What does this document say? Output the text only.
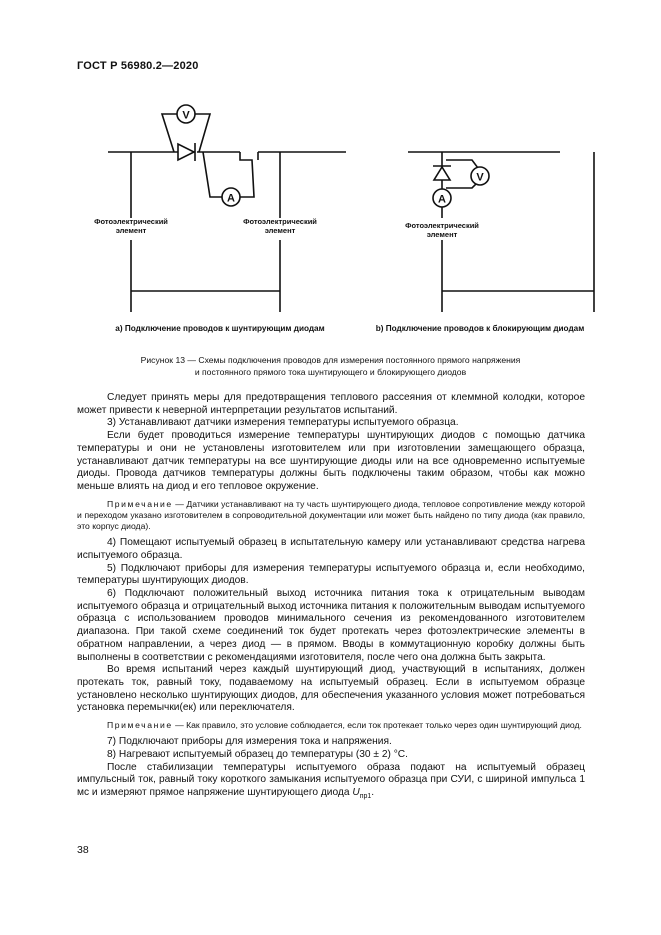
ГОСТ Р 56980.2—2020
V
A
V
A
Фотоэлектрический
элемент
Фотоэлектрический
элемент
Фотоэлектрический
элемент
а) Подключение проводов к шунтирующим диодам	b) Подключение проводов к блокирующим диодам
Рисунок 13 — Схемы подключения проводов для измерения постоянного прямого напряжения
и постоянного прямого тока шунтирующего и блокирующего диодов

Следует принять меры для предотвращения теплового рассеяния от клеммной колодки, которое может привести к неверной интерпретации результатов испытаний.

3) Устанавливают датчики измерения температуры испытуемого образца.

Если будет проводиться измерение температуры шунтирующих диодов с помощью датчика температуры и они не установлены изготовителем или при изготовлении замещающего образца, устанавливают датчик температуры на все шунтирующие диоды или на все одновременно испытуемые диоды. Провода датчиков температуры должны быть подключены таким образом, чтобы как можно меньше влиять на диод и его тепловое окружение.

Примечание — Датчики устанавливают на ту часть шунтирующего диода, тепловое сопротивление между которой и переходом указано изготовителем в сопроводительной документации или может быть найдено по типу диода (как правило, это корпус диода).

4) Помещают испытуемый образец в испытательную камеру или устанавливают средства нагрева испытуемого образца.

5) Подключают приборы для измерения температуры испытуемого образца и, если необходимо, температуры шунтирующих диодов.

6) Подключают положительный выход источника питания тока к отрицательным выводам испытуемого образца и отрицательный выход источника питания к положительным выводам испытуемого образца с использованием проводов минимального сечения из рекомендованного изготовителем диапазона. При такой схеме соединений ток будет протекать через фотоэлектрические элементы в обратном направлении, а через диод — в прямом. Вводы в коммутационную коробку должны быть выполнены в соответствии с рекомендациями изготовителя, после чего она должна быть закрыта.

Во время испытаний через каждый шунтирующий диод, участвующий в испытаниях, должен протекать ток, равный току, подаваемому на испытуемый образец. Если в испытуемом образце установлено несколько шунтирующих диодов, для обеспечения указанного условия может потребоваться установка перемычки(ек) или переключателя.

Примечание — Как правило, это условие соблюдается, если ток протекает только через один шунтирующий диод.

7) Подключают приборы для измерения тока и напряжения.

8) Нагревают испытуемый образец до температуры (30 ± 2) °С.

После стабилизации температуры испытуемого образа подают на испытуемый образец импульсный ток, равный току короткого замыкания испытуемого образца при СУИ, с шириной импульса 1 мс и измеряют прямое напряжение шунтирующего диода $U_{пр1}$.

38
